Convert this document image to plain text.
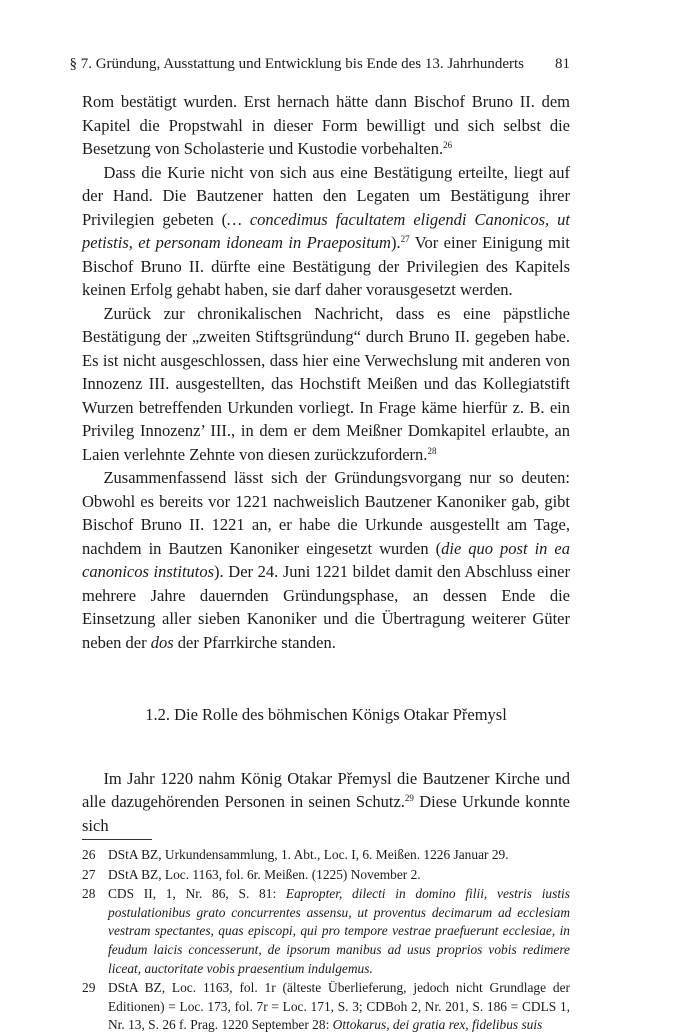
§ 7. Gründung, Ausstattung und Entwicklung bis Ende des 13. Jahrhunderts 81

Rom bestätigt wurden. Erst hernach hätte dann Bischof Bruno II. dem Kapitel die Propstwahl in dieser Form bewilligt und sich selbst die Besetzung von Scholasterie und Kustodie vorbehalten.$^{26}$

Dass die Kurie nicht von sich aus eine Bestätigung erteilte, liegt auf der Hand. Die Bautzener hatten den Legaten um Bestätigung ihrer Privilegien gebeten (… concedimus facultatem eligendi Canonicos, ut petistis, et personam idoneam in Praepositum).$^{27}$ Vor einer Einigung mit Bischof Bruno II. dürfte eine Bestätigung der Privilegien des Kapitels keinen Erfolg gehabt haben, sie darf daher vorausgesetzt werden.

Zurück zur chronikalischen Nachricht, dass es eine päpstliche Bestätigung der „zweiten Stiftsgründung“ durch Bruno II. gegeben habe. Es ist nicht ausgeschlossen, dass hier eine Verwechslung mit anderen von Innozenz III. ausgestellten, das Hochstift Meißen und das Kollegiatstift Wurzen betreffenden Urkunden vorliegt. In Frage käme hierfür z. B. ein Privileg Innozenz’ III., in dem er dem Meißner Domkapitel erlaubte, an Laien verlehnte Zehnte von diesen zurückzufordern.$^{28}$

Zusammenfassend lässt sich der Gründungsvorgang nur so deuten: Obwohl es bereits vor 1221 nachweislich Bautzener Kanoniker gab, gibt Bischof Bruno II. 1221 an, er habe die Urkunde ausgestellt am Tage, nachdem in Bautzen Kanoniker eingesetzt wurden (die quo post in ea canonicos institutos). Der 24. Juni 1221 bildet damit den Abschluss einer mehrere Jahre dauernden Gründungsphase, an dessen Ende die Einsetzung aller sieben Kanoniker und die Übertragung weiterer Güter neben der dos der Pfarrkirche standen.

1.2. Die Rolle des böhmischen Königs Otakar Přemysl

Im Jahr 1220 nahm König Otakar Přemysl die Bautzener Kirche und alle dazugehörenden Personen in seinen Schutz.$^{29}$ Diese Urkunde konnte sich

26 DStA BZ, Urkundensammlung, 1. Abt., Loc. I, 6. Meißen. 1226 Januar 29.
27 DStA BZ, Loc. 1163, fol. 6r. Meißen. (1225) November 2.
28 CDS II, 1, Nr. 86, S. 81: Eapropter, dilecti in domino filii, vestris iustis postulationibus grato concurrentes assensu, ut proventus decimarum ad ecclesiam vestram spectantes, quas episcopi, qui pro tempore vestrae praefuerunt ecclesiae, in feudum laicis concesserunt, de ipsorum manibus ad usus proprios vobis redimere liceat, auctoritate vobis praesentium indulgemus.
29 DStA BZ, Loc. 1163, fol. 1r (älteste Überlieferung, jedoch nicht Grundlage der Editionen) = Loc. 173, fol. 7r = Loc. 171, S. 3; CDBoh 2, Nr. 201, S. 186 = CDLS 1, Nr. 13, S. 26 f. Prag. 1220 September 28: Ottokarus, dei gratia rex, fidelibus suis
